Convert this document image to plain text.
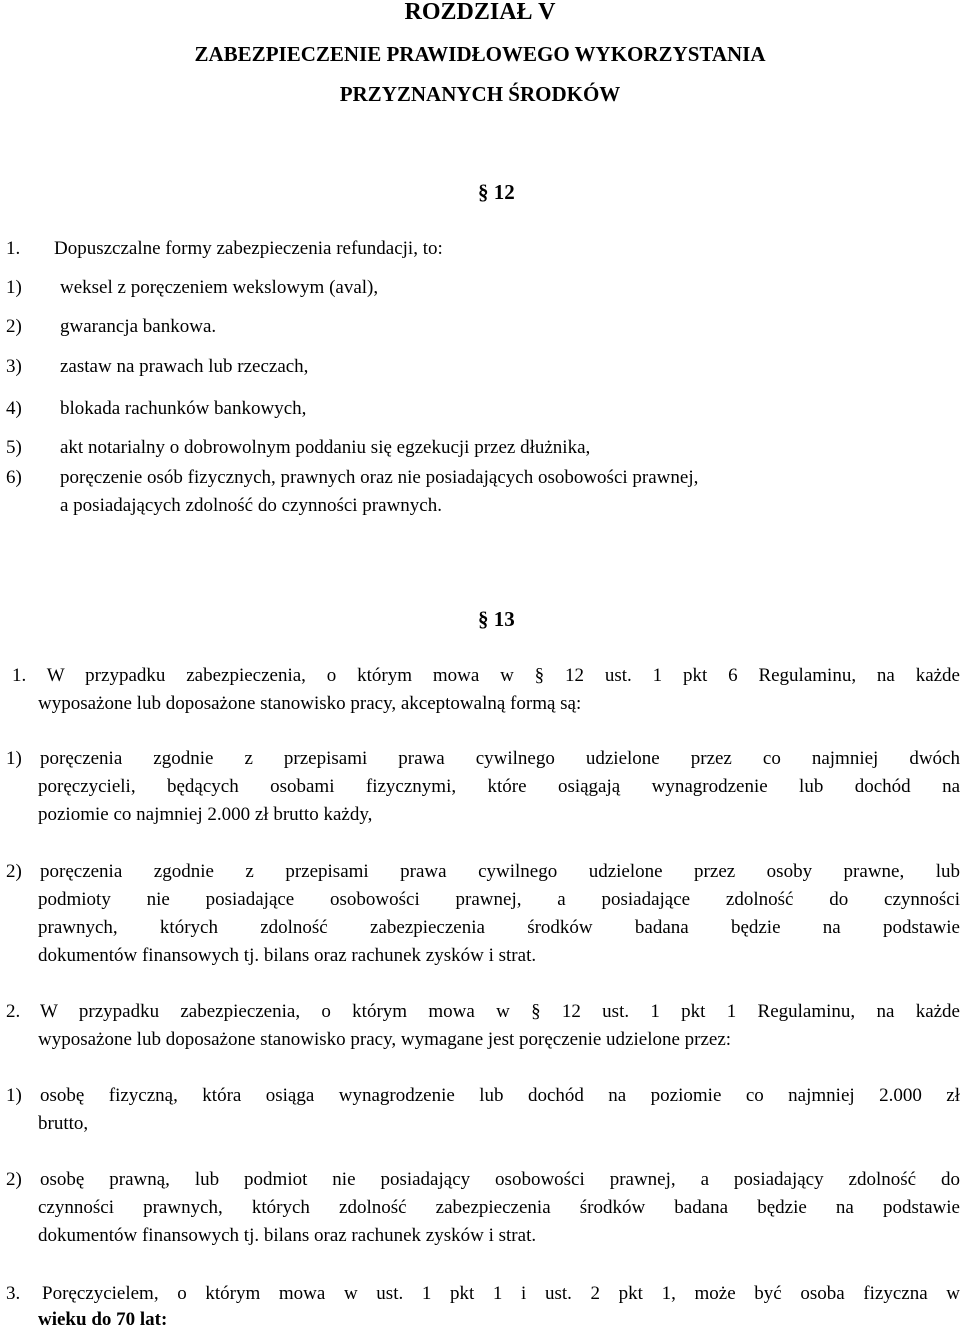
ROZDZIAŁ V
ZABEZPIECZENIE PRAWIDŁOWEGO WYKORZYSTANIA
PRZYZNANYCH ŚRODKÓW
§ 12
1. Dopuszczalne formy zabezpieczenia refundacji, to:
1) weksel z poręczeniem wekslowym (aval),
2) gwarancja bankowa.
3) zastaw na prawach lub rzeczach,
4) blokada rachunków bankowych,
5) akt notarialny o dobrowolnym poddaniu się egzekucji przez dłużnika,
6) poręczenie osób fizycznych, prawnych oraz nie posiadających osobowości prawnej,
a posiadających zdolność do czynności prawnych.
§ 13
1. W przypadku zabezpieczenia, o którym mowa w § 12 ust. 1 pkt 6 Regulaminu, na każde
wyposażone lub doposażone stanowisko pracy, akceptowalną formą są:
1) poręczenia zgodnie z przepisami prawa cywilnego udzielone przez co najmniej dwóch
poręczycieli, będących osobami fizycznymi, które osiągają wynagrodzenie lub dochód na
poziomie co najmniej 2.000 zł brutto każdy,
2) poręczenia zgodnie z przepisami prawa cywilnego udzielone przez osoby prawne, lub
podmioty nie posiadające osobowości prawnej, a posiadające zdolność do czynności
prawnych, których zdolność zabezpieczenia środków badana będzie na podstawie
dokumentów finansowych tj. bilans oraz rachunek zysków i strat.
2. W przypadku zabezpieczenia, o którym mowa w § 12 ust. 1 pkt 1 Regulaminu, na każde
wyposażone lub doposażone stanowisko pracy, wymagane jest poręczenie udzielone przez:
1) osobę fizyczną, która osiąga wynagrodzenie lub dochód na poziomie co najmniej 2.000 zł
brutto,
2) osobę prawną, lub podmiot nie posiadający osobowości prawnej, a posiadający zdolność do
czynności prawnych, których zdolność zabezpieczenia środków badana będzie na podstawie
dokumentów finansowych tj. bilans oraz rachunek zysków i strat.
3. Poręczycielem, o którym mowa w ust. 1 pkt 1 i ust. 2 pkt 1, może być osoba fizyczna w
wieku do 70 lat:
